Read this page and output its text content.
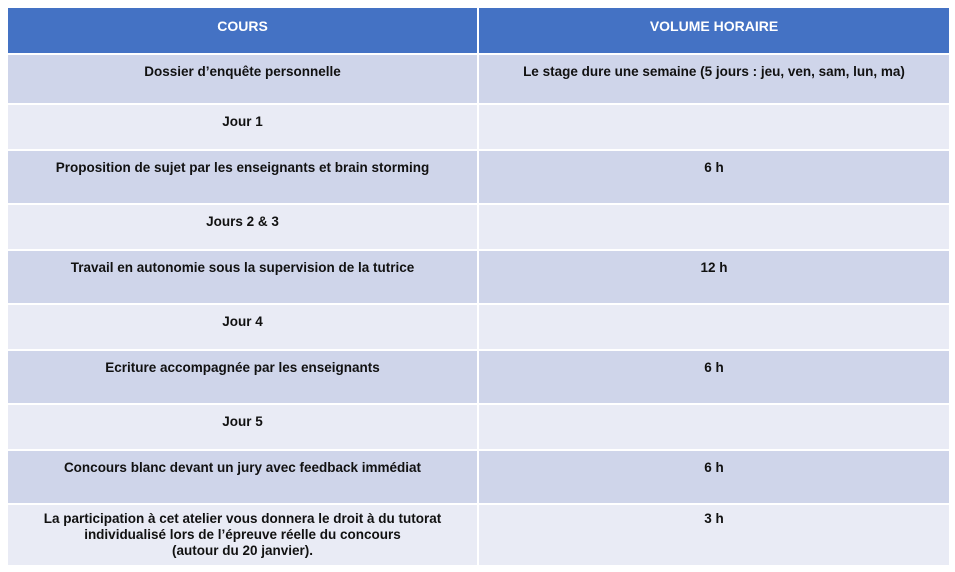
COURS	VOLUME HORAIRE
Dossier d’enquête personnelle	Le stage dure une semaine (5 jours : jeu, ven, sam, lun, ma)
Jour 1	
Proposition de sujet par les enseignants et brain storming	6 h
Jours 2 & 3	
Travail en autonomie sous la supervision de la tutrice	12 h
Jour 4	
Ecriture accompagnée par les enseignants	6 h
Jour 5	
Concours blanc devant un jury avec feedback immédiat	6 h
La participation à cet atelier vous donnera le droit à du tutorat
individualisé lors de l’épreuve réelle du concours
(autour du 20 janvier).	3 h
